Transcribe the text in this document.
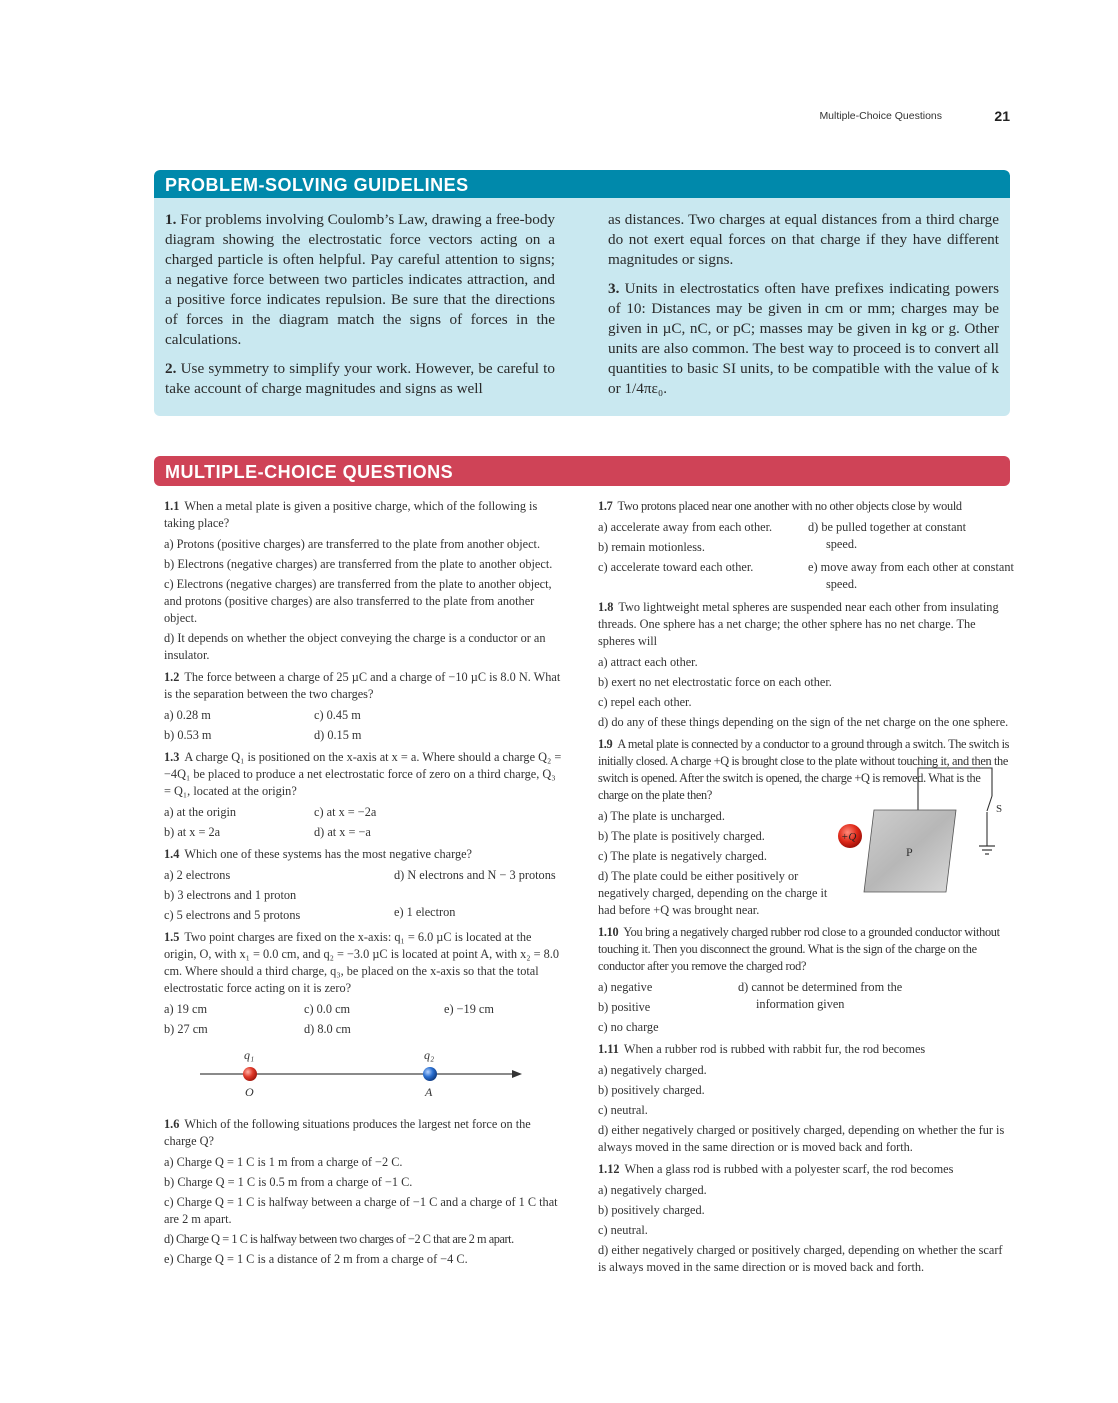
Multiple-Choice Questions	21
PROBLEM-SOLVING GUIDELINES

1. For problems involving Coulomb’s Law, drawing a free-body diagram showing the electrostatic force vectors acting on a charged particle is often helpful. Pay careful attention to signs; a negative force between two particles indicates attraction, and a positive force indicates repulsion. Be sure that the directions of forces in the diagram match the signs of forces in the calculations.

2. Use symmetry to simplify your work. However, be careful to take account of charge magnitudes and signs as well

as distances. Two charges at equal distances from a third charge do not exert equal forces on that charge if they have different magnitudes or signs.

3. Units in electrostatics often have prefixes indicating powers of 10: Distances may be given in cm or mm; charges may be given in µC, nC, or pC; masses may be given in kg or g. Other units are also common. The best way to proceed is to convert all quantities to basic SI units, to be compatible with the value of k or 1/4πε₀.

MULTIPLE-CHOICE QUESTIONS
1.1 When a metal plate is given a positive charge, which of the following is taking place?
a) Protons (positive charges) are transferred to the plate from another object.
b) Electrons (negative charges) are transferred from the plate to another object.
c) Electrons (negative charges) are transferred from the plate to another object, and protons (positive charges) are also transferred to the plate from another object.
d) It depends on whether the object conveying the charge is a conductor or an insulator.
1.2 The force between a charge of 25 µC and a charge of −10 µC is 8.0 N. What is the separation between the two charges?
a) 0.28 m	c) 0.45 m
b) 0.53 m	d) 0.15 m
1.3 A charge Q₁ is positioned on the x-axis at x = a. Where should a charge Q₂ = −4Q₁ be placed to produce a net electrostatic force of zero on a third charge, Q₃ = Q₁, located at the origin?
a) at the origin	c) at x = −2a
b) at x = 2a	d) at x = −a
1.4 Which one of these systems has the most negative charge?
a) 2 electrons	d) N electrons and N − 3 protons
b) 3 electrons and 1 proton
c) 5 electrons and 5 protons	e) 1 electron
1.5 Two point charges are fixed on the x-axis: q₁ = 6.0 µC is located at the origin, O, with x₁ = 0.0 cm, and q₂ = −3.0 µC is located at point A, with x₂ = 8.0 cm. Where should a third charge, q₃, be placed on the x-axis so that the total electrostatic force acting on it is zero?
a) 19 cm	c) 0.0 cm	e) −19 cm
b) 27 cm	d) 8.0 cm
q₁	q₂
O	A
1.6 Which of the following situations produces the largest net force on the charge Q?
a) Charge Q = 1 C is 1 m from a charge of −2 C.
b) Charge Q = 1 C is 0.5 m from a charge of −1 C.
c) Charge Q = 1 C is halfway between a charge of −1 C and a charge of 1 C that are 2 m apart.
d) Charge Q = 1 C is halfway between two charges of −2 C that are 2 m apart.
e) Charge Q = 1 C is a distance of 2 m from a charge of −4 C.
1.7 Two protons placed near one another with no other objects close by would
a) accelerate away from each other.	d) be pulled together at constant speed.
b) remain motionless.
c) accelerate toward each other.	e) move away from each other at constant speed.
1.8 Two lightweight metal spheres are suspended near each other from insulating threads. One sphere has a net charge; the other sphere has no net charge. The spheres will
a) attract each other.
b) exert no net electrostatic force on each other.
c) repel each other.
d) do any of these things depending on the sign of the net charge on the one sphere.
1.9 A metal plate is connected by a conductor to a ground through a switch. The switch is initially closed. A charge +Q is brought close to the plate without touching it, and then the switch is opened. After the switch is opened, the charge +Q is removed. What is the charge on the plate then?
P
S
+Q
a) The plate is uncharged.
b) The plate is positively charged.
c) The plate is negatively charged.
d) The plate could be either positively or negatively charged, depending on the charge it had before +Q was brought near.
1.10 You bring a negatively charged rubber rod close to a grounded conductor without touching it. Then you disconnect the ground. What is the sign of the charge on the conductor after you remove the charged rod?
a) negative	d) cannot be determined from the information given
b) positive
c) no charge
1.11 When a rubber rod is rubbed with rabbit fur, the rod becomes
a) negatively charged.
b) positively charged.
c) neutral.
d) either negatively charged or positively charged, depending on whether the fur is always moved in the same direction or is moved back and forth.
1.12 When a glass rod is rubbed with a polyester scarf, the rod becomes
a) negatively charged.
b) positively charged.
c) neutral.
d) either negatively charged or positively charged, depending on whether the scarf is always moved in the same direction or is moved back and forth.
